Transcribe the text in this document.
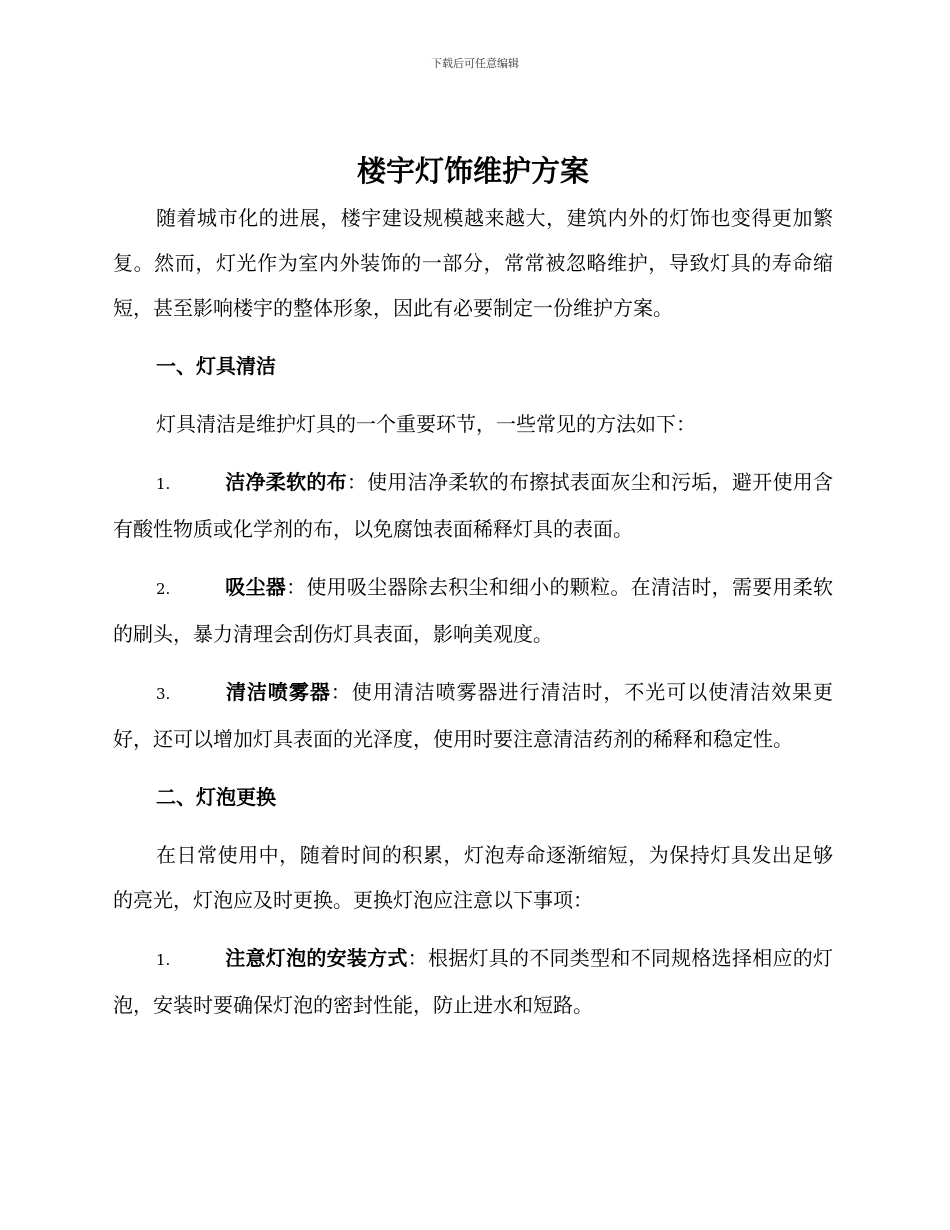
下载后可任意编辑
楼宇灯饰维护方案

随着城市化的进展，楼宇建设规模越来越大，建筑内外的灯饰也变得更加繁复。然而，灯光作为室内外装饰的一部分，常常被忽略维护，导致灯具的寿命缩短，甚至影响楼宇的整体形象，因此有必要制定一份维护方案。

一、灯具清洁

灯具清洁是维护灯具的一个重要环节，一些常见的方法如下：

1.	洁净柔软的布：使用洁净柔软的布擦拭表面灰尘和污垢，避开使用含有酸性物质或化学剂的布，以免腐蚀表面稀释灯具的表面。

2.	吸尘器：使用吸尘器除去积尘和细小的颗粒。在清洁时，需要用柔软的刷头，暴力清理会刮伤灯具表面，影响美观度。

3.	清洁喷雾器：使用清洁喷雾器进行清洁时，不光可以使清洁效果更好，还可以增加灯具表面的光泽度，使用时要注意清洁药剂的稀释和稳定性。

二、灯泡更换

在日常使用中，随着时间的积累，灯泡寿命逐渐缩短，为保持灯具发出足够的亮光，灯泡应及时更换。更换灯泡应注意以下事项：

1.	注意灯泡的安装方式：根据灯具的不同类型和不同规格选择相应的灯泡，安装时要确保灯泡的密封性能，防止进水和短路。
